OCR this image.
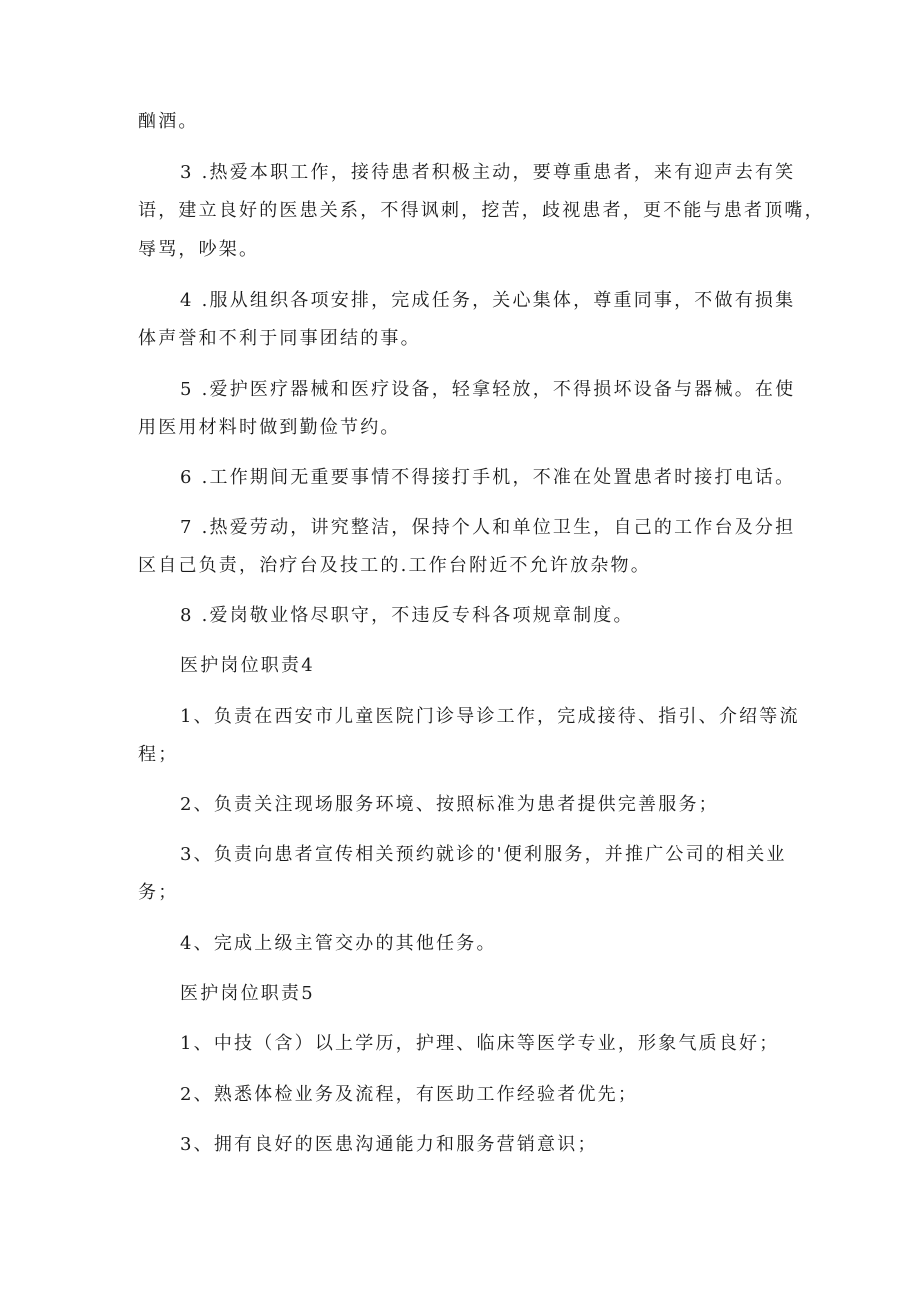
酗酒。
3 .热爱本职工作，接待患者积极主动，要尊重患者，来有迎声去有笑
语，建立良好的医患关系，不得讽刺，挖苦，歧视患者，更不能与患者顶嘴，
辱骂，吵架。
4 .服从组织各项安排，完成任务，关心集体，尊重同事，不做有损集
体声誉和不利于同事团结的事。
5 .爱护医疗器械和医疗设备，轻拿轻放，不得损坏设备与器械。在使
用医用材料时做到勤俭节约。
6 .工作期间无重要事情不得接打手机，不准在处置患者时接打电话。
7 .热爱劳动，讲究整洁，保持个人和单位卫生，自己的工作台及分担
区自己负责，治疗台及技工的.工作台附近不允许放杂物。
8 .爱岗敬业恪尽职守，不违反专科各项规章制度。
医护岗位职责4
1、负责在西安市儿童医院门诊导诊工作，完成接待、指引、介绍等流
程；
2、负责关注现场服务环境、按照标准为患者提供完善服务；
3、负责向患者宣传相关预约就诊的'便利服务，并推广公司的相关业
务；
4、完成上级主管交办的其他任务。
医护岗位职责5
1、中技（含）以上学历，护理、临床等医学专业，形象气质良好；
2、熟悉体检业务及流程，有医助工作经验者优先；
3、拥有良好的医患沟通能力和服务营销意识；
